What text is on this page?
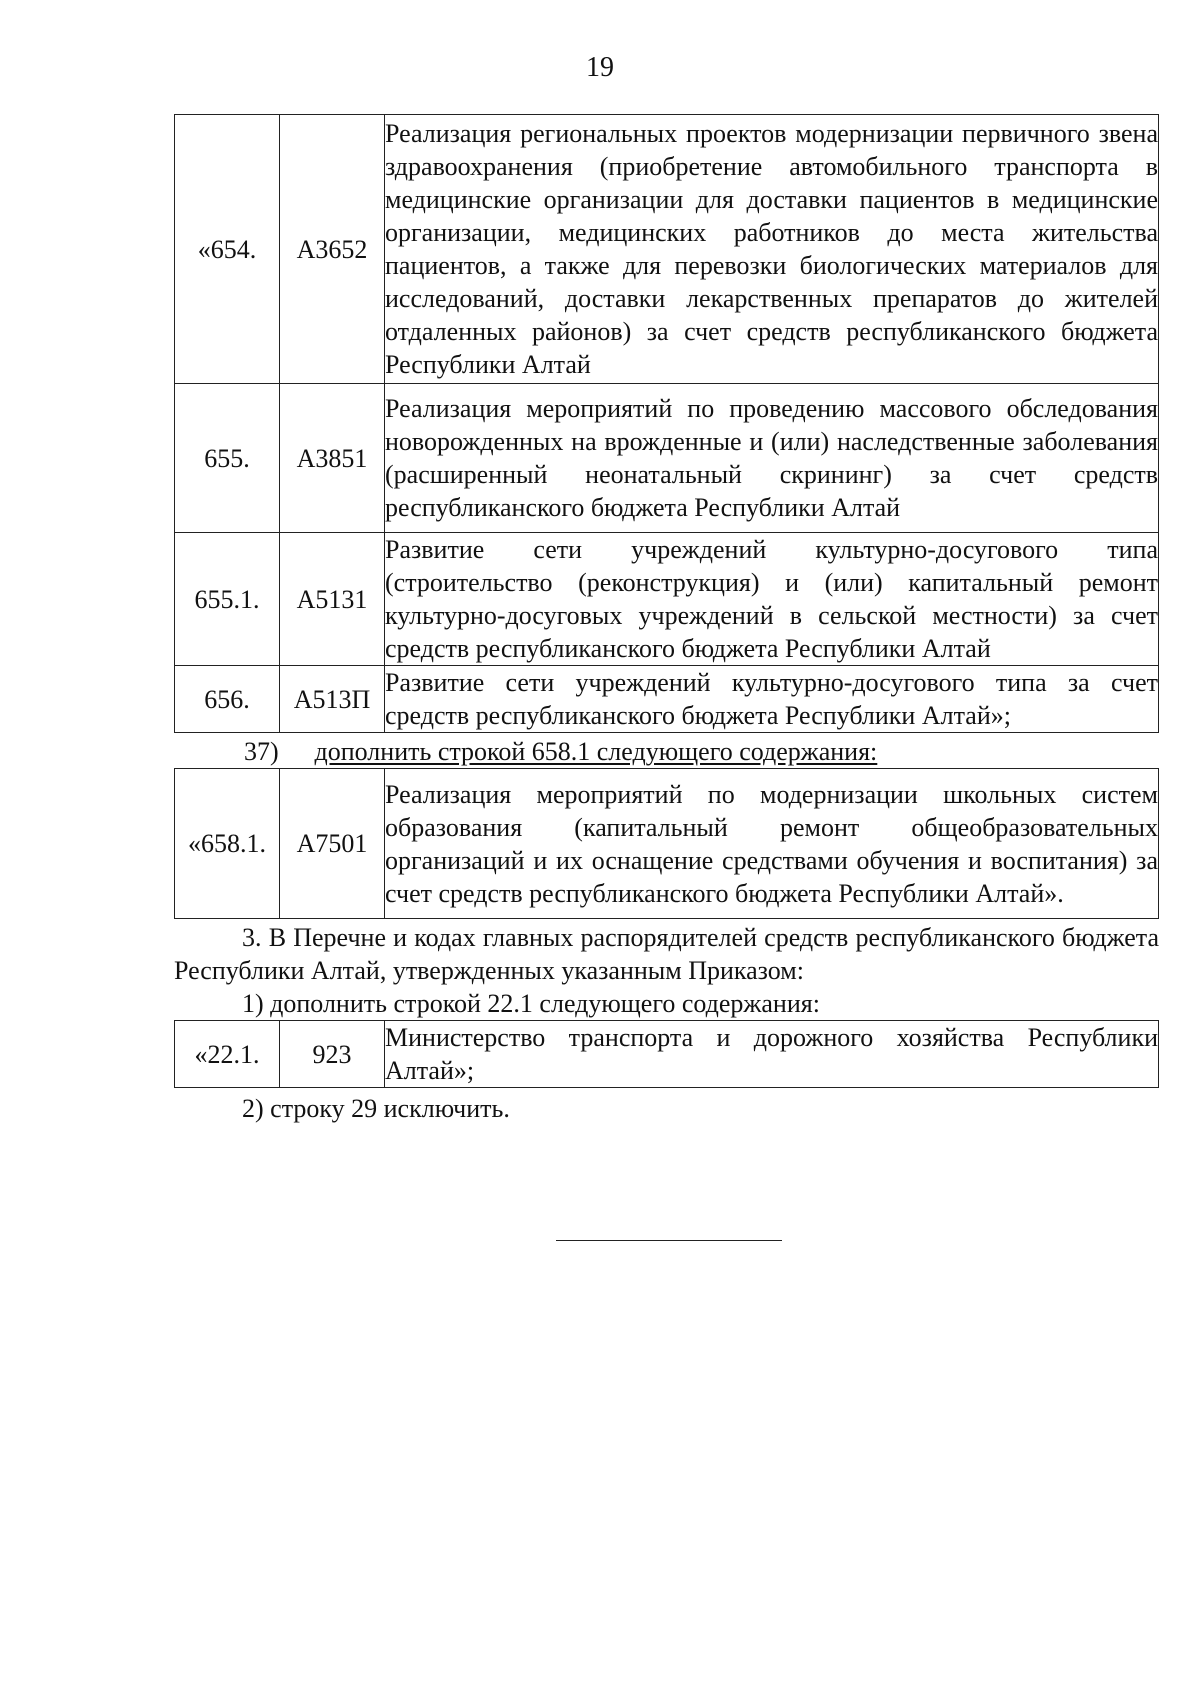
19
«654.	А3652	Реализация региональных проектов модернизации первичного звена здравоохранения (приобретение автомобильного транспорта в медицинские организации для доставки пациентов в медицинские организации, медицинских работников до места жительства пациентов, а также для перевозки биологических материалов для исследований, доставки лекарственных препаратов до жителей отдаленных районов) за счет средств республиканского бюджета Республики Алтай
655.	А3851	Реализация мероприятий по проведению массового обследования новорожденных на врожденные и (или) наследственные заболевания (расширенный неонатальный скрининг) за счет средств республиканского бюджета Республики Алтай
655.1.	А5131	Развитие сети учреждений культурно-досугового типа (строительство (реконструкция) и (или) капитальный ремонт культурно-досуговых учреждений в сельской местности) за счет средств республиканского бюджета Республики Алтай
656.	А513П	Развитие сети учреждений культурно-досугового типа за счет средств республиканского бюджета Республики Алтай»;

37) дополнить строкой 658.1 следующего содержания:

«658.1.	А7501	Реализация мероприятий по модернизации школьных систем образования (капитальный ремонт общеобразовательных организаций и их оснащение средствами обучения и воспитания) за счет средств республиканского бюджета Республики Алтай».

3. В Перечне и кодах главных распорядителей средств республиканского бюджета Республики Алтай, утвержденных указанным Приказом:

1) дополнить строкой 22.1 следующего содержания:

«22.1.	923	Министерство транспорта и дорожного хозяйства Республики Алтай»;

2) строку 29 исключить.
